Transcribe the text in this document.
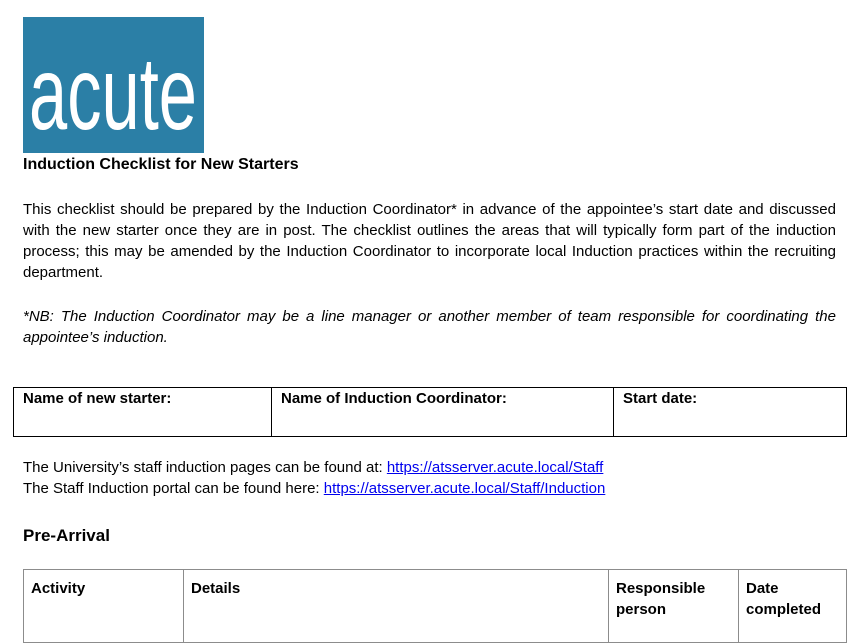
acute
Induction Checklist for New Starters

This checklist should be prepared by the Induction Coordinator* in advance of the appointee’s start date and discussed with the new starter once they are in post. The checklist outlines the areas that will typically form part of the induction process; this may be amended by the Induction Coordinator to incorporate local Induction practices within the recruiting department.

*NB: The Induction Coordinator may be a line manager or another member of team responsible for coordinating the appointee’s induction.

Name of new starter:	Name of Induction Coordinator:	Start date:

The University’s staff induction pages can be found at: https://atsserver.acute.local/Staff
The Staff Induction portal can be found here: https://atsserver.acute.local/Staff/Induction

Pre-Arrival
Activity	Details	Responsible person	Date completed
